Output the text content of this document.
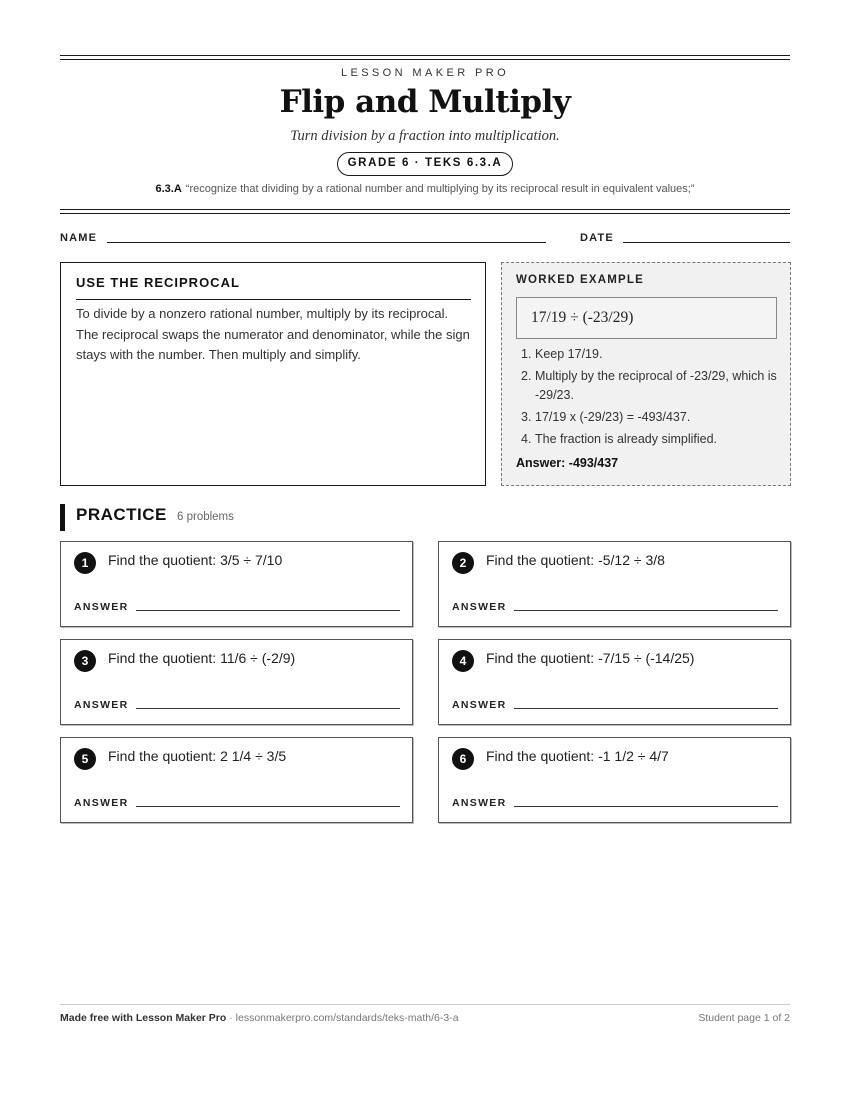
LESSON MAKER PRO
Flip and Multiply
Turn division by a fraction into multiplication.
GRADE 6 · TEKS 6.3.A
6.3.A “recognize that dividing by a rational number and multiplying by its reciprocal result in equivalent values;”
NAME	DATE
USE THE RECIPROCAL

To divide by a nonzero rational number, multiply by its reciprocal. The reciprocal swaps the numerator and denominator, while the sign stays with the number. Then multiply and simplify.

WORKED EXAMPLE
17/19 ÷ (-23/29)
1. Keep 17/19.
2. Multiply by the reciprocal of -23/29, which is -29/23.
3. 17/19 x (-29/23) = -493/437.
4. The fraction is already simplified.
Answer: -493/437
PRACTICE 6 problems
1	Find the quotient: 3/5 ÷ 7/10
ANSWER
2	Find the quotient: -5/12 ÷ 3/8
ANSWER
3	Find the quotient: 11/6 ÷ (-2/9)
ANSWER
4	Find the quotient: -7/15 ÷ (-14/25)
ANSWER
5	Find the quotient: 2 1/4 ÷ 3/5
ANSWER
6	Find the quotient: -1 1/2 ÷ 4/7
ANSWER
Made free with Lesson Maker Pro · lessonmakerpro.com/standards/teks-math/6-3-a	Student page 1 of 2
